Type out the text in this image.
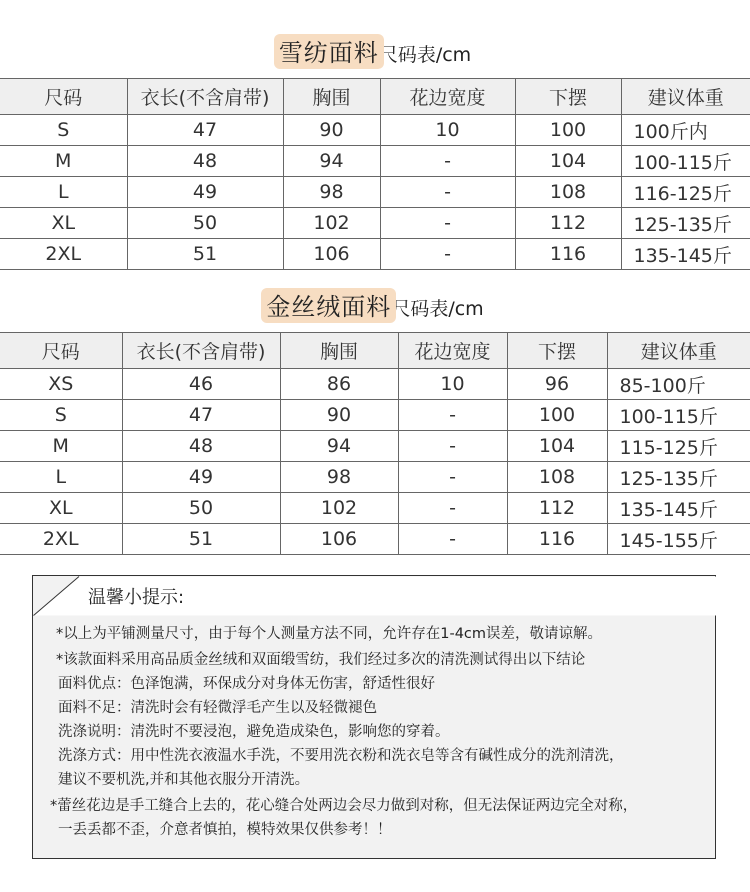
雪纺面料尺码表/cm
尺码	衣长(不含肩带)	胸围	花边宽度	下摆	建议体重
S	47	90	10	100	100斤内
M	48	94	-	104	100-115斤
L	49	98	-	108	116-125斤
XL	50	102	-	112	125-135斤
2XL	51	106	-	116	135-145斤
金丝绒面料尺码表/cm
尺码	衣长(不含肩带)	胸围	花边宽度	下摆	建议体重
XS	46	86	10	96	85-100斤
S	47	90	-	100	100-115斤
M	48	94	-	104	115-125斤
L	49	98	-	108	125-135斤
XL	50	102	-	112	135-145斤
2XL	51	106	-	116	145-155斤
温馨小提示:
*以上为平铺测量尺寸，由于每个人测量方法不同，允许存在1-4cm误差，敬请谅解。
*该款面料采用高品质金丝绒和双面缎雪纺，我们经过多次的清洗测试得出以下结论
面料优点：色泽饱满，环保成分对身体无伤害，舒适性很好
面料不足：清洗时会有轻微浮毛产生以及轻微褪色
洗涤说明：清洗时不要浸泡，避免造成染色，影响您的穿着。
洗涤方式：用中性洗衣液温水手洗，不要用洗衣粉和洗衣皂等含有碱性成分的洗剂清洗，
建议不要机洗,并和其他衣服分开清洗。
*蕾丝花边是手工缝合上去的，花心缝合处两边会尽力做到对称，但无法保证两边完全对称，
一丢丢都不歪，介意者慎拍，模特效果仅供参考！！
